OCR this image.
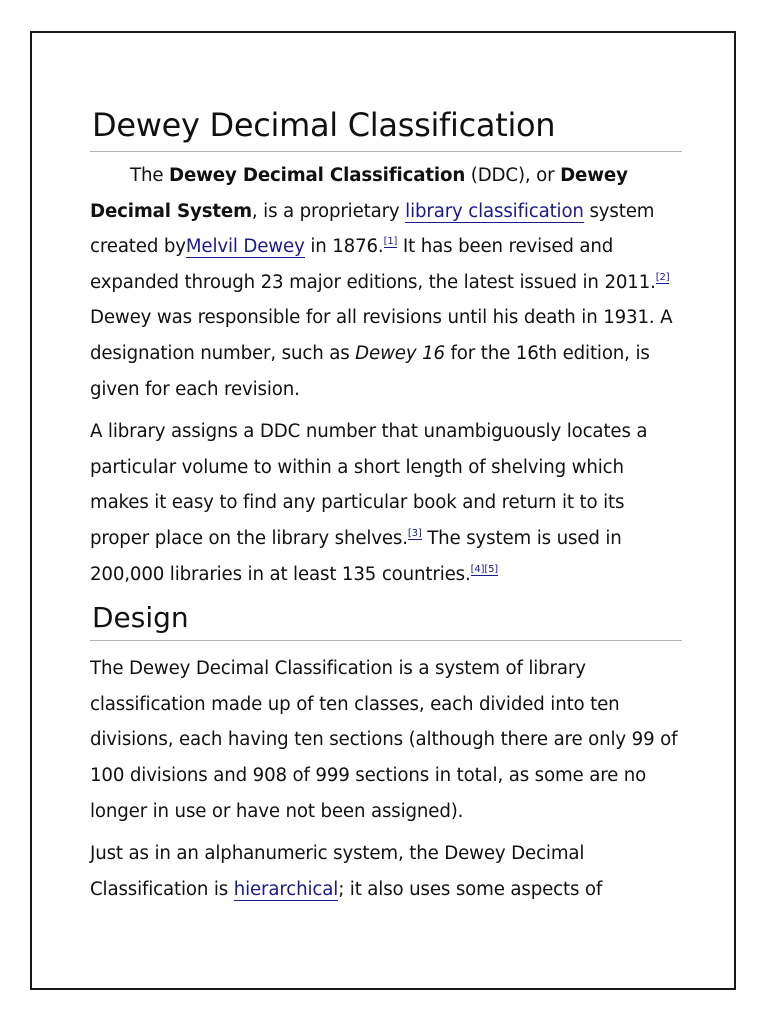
Dewey Decimal Classification

The Dewey Decimal Classification (DDC), or Dewey Decimal System, is a proprietary library classification system created byMelvil Dewey in 1876.[1] It has been revised and expanded through 23 major editions, the latest issued in 2011.[2] Dewey was responsible for all revisions until his death in 1931. A designation number, such as Dewey 16 for the 16th edition, is given for each revision.

A library assigns a DDC number that unambiguously locates a particular volume to within a short length of shelving which makes it easy to find any particular book and return it to its proper place on the library shelves.[3] The system is used in 200,000 libraries in at least 135 countries.[4][5]

Design

The Dewey Decimal Classification is a system of library classification made up of ten classes, each divided into ten divisions, each having ten sections (although there are only 99 of 100 divisions and 908 of 999 sections in total, as some are no longer in use or have not been assigned).

Just as in an alphanumeric system, the Dewey Decimal Classification is hierarchical; it also uses some aspects of
